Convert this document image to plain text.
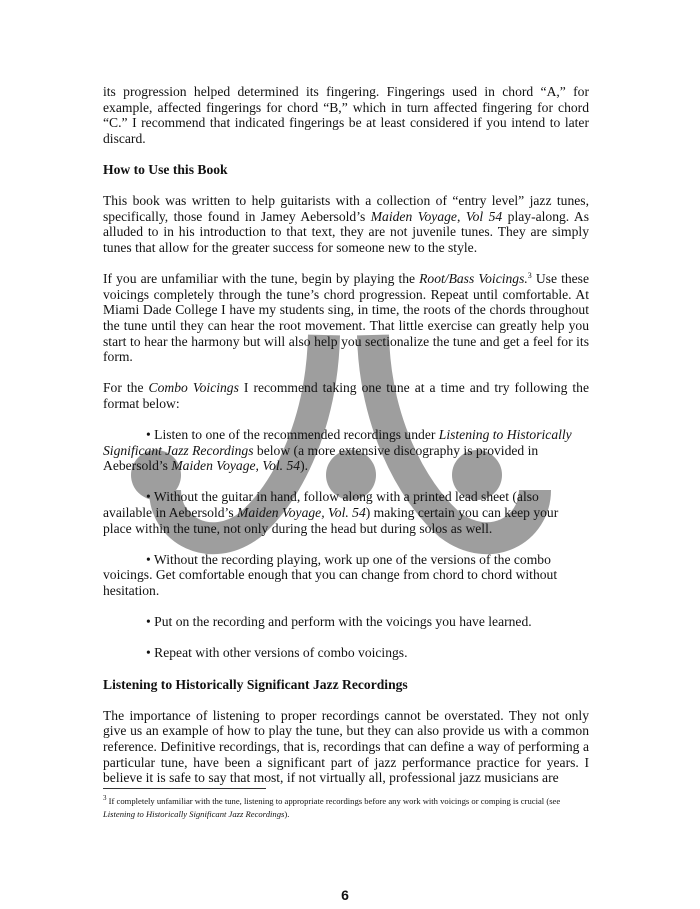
its progression helped determined its fingering. Fingerings used in chord “A,” for example, affected fingerings for chord “B,” which in turn affected fingering for chord “C.” I recommend that indicated fingerings be at least considered if you intend to later discard.
How to Use this Book
This book was written to help guitarists with a collection of “entry level” jazz tunes, specifically, those found in Jamey Aebersold’s Maiden Voyage, Vol 54 play-along. As alluded to in his introduction to that text, they are not juvenile tunes. They are simply tunes that allow for the greater success for someone new to the style.
If you are unfamiliar with the tune, begin by playing the Root/Bass Voicings.$^3$ Use these voicings completely through the tune’s chord progression. Repeat until comfortable. At Miami Dade College I have my students sing, in time, the roots of the chords throughout the tune until they can hear the root movement. That little exercise can greatly help you start to hear the harmony but will also help you sectionalize the tune and get a feel for its form.
For the Combo Voicings I recommend taking one tune at a time and try following the format below:
• Listen to one of the recommended recordings under Listening to Historically Significant Jazz Recordings below (a more extensive discography is provided in Aebersold’s Maiden Voyage, Vol. 54).
• Without the guitar in hand, follow along with a printed lead sheet (also available in Aebersold’s Maiden Voyage, Vol. 54) making certain you can keep your place within the tune, not only during the head but during solos as well.
• Without the recording playing, work up one of the versions of the combo voicings. Get comfortable enough that you can change from chord to chord without hesitation.
• Put on the recording and perform with the voicings you have learned.
• Repeat with other versions of combo voicings.
Listening to Historically Significant Jazz Recordings
The importance of listening to proper recordings cannot be overstated. They not only give us an example of how to play the tune, but they can also provide us with a common reference. Definitive recordings, that is, recordings that can define a way of performing a particular tune, have been a significant part of jazz performance practice for years. I believe it is safe to say that most, if not virtually all, professional jazz musicians are
$^3$ If completely unfamiliar with the tune, listening to appropriate recordings before any work with voicings or comping is crucial (see Listening to Historically Significant Jazz Recordings).
6
